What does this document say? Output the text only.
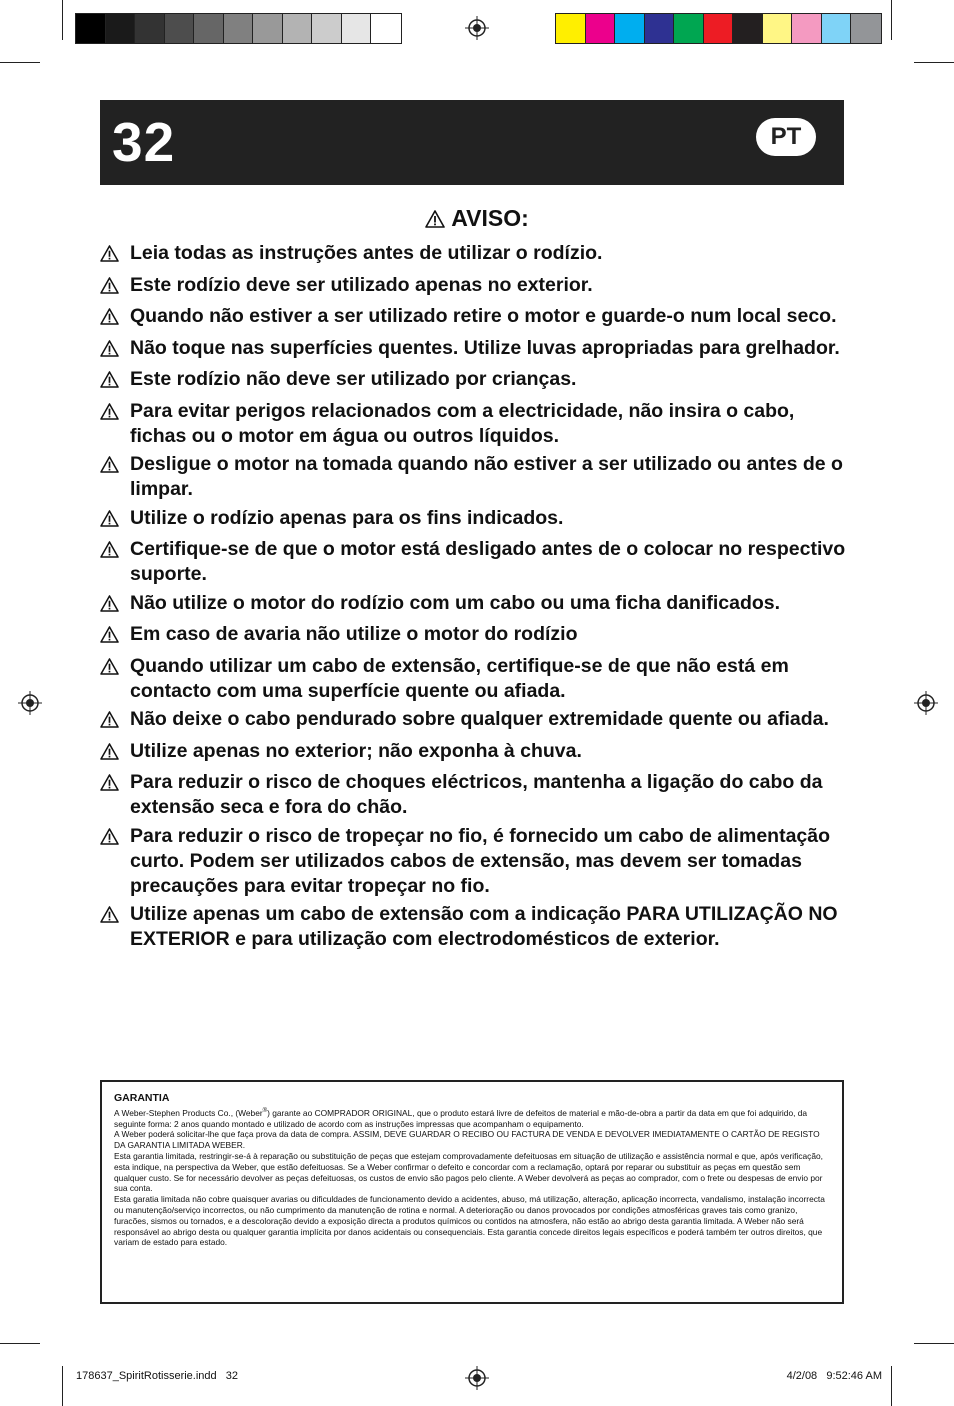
32	PT
AVISO:
Leia todas as instruções antes de utilizar o rodízio.
Este rodízio deve ser utilizado apenas no exterior.
Quando não estiver a ser utilizado retire o motor e guarde-o num local seco.
Não toque nas superfícies quentes. Utilize luvas apropriadas para grelhador.
Este rodízio não deve ser utilizado por crianças.
Para evitar perigos relacionados com a electricidade, não insira o cabo, fichas ou o motor em água ou outros líquidos.
Desligue o motor na tomada quando não estiver a ser utilizado ou antes de o limpar.
Utilize o rodízio apenas para os fins indicados.
Certifique-se de que o motor está desligado antes de o colocar no respectivo suporte.
Não utilize o motor do rodízio com um cabo ou uma ficha danificados.
Em caso de avaria não utilize o motor do rodízio
Quando utilizar um cabo de extensão, certifique-se de que não está em contacto com uma superfície quente ou afiada.
Não deixe o cabo pendurado sobre qualquer extremidade quente ou afiada.
Utilize apenas no exterior; não exponha à chuva.
Para reduzir o risco de choques eléctricos, mantenha a ligação do cabo da extensão seca e fora do chão.
Para reduzir o risco de tropeçar no fio, é fornecido um cabo de alimentação curto. Podem ser utilizados cabos de extensão, mas devem ser tomadas precauções para evitar tropeçar no fio.
Utilize apenas um cabo de extensão com a indicação PARA UTILIZAÇÃO NO EXTERIOR e para utilização com electrodomésticos de exterior.
GARANTIA

A Weber-Stephen Products Co., (Weber®) garante ao COMPRADOR ORIGINAL, que o produto estará livre de defeitos de material e mão-de-obra a partir da data em que foi adquirido, da seguinte forma: 2 anos quando montado e utilizado de acordo com as instruções impressas que acompanham o equipamento.

A Weber poderá solicitar-lhe que faça prova da data de compra. ASSIM, DEVE GUARDAR O RECIBO OU FACTURA DE VENDA E DEVOLVER IMEDIATAMENTE O CARTÃO DE REGISTO DA GARANTIA LIMITADA WEBER.

Esta garantia limitada, restringir-se-á à reparação ou substituição de peças que estejam comprovadamente defeituosas em situação de utilização e assistência normal e que, após verificação, esta indique, na perspectiva da Weber, que estão defeituosas. Se a Weber confirmar o defeito e concordar com a reclamação, optará por reparar ou substituir as peças em questão sem qualquer custo. Se for necessário devolver as peças defeituosas, os custos de envio são pagos pelo cliente. A Weber devolverá as peças ao comprador, com o frete ou despesas de envio por sua conta.

Esta garatia limitada não cobre quaisquer avarias ou dificuldades de funcionamento devido a acidentes, abuso, má utilização, alteração, aplicação incorrecta, vandalismo, instalação incorrecta ou manutenção/serviço incorrectos, ou não cumprimento da manutenção de rotina e normal. A deterioração ou danos provocados por condições atmosféricas graves tais como granizo, furacões, sismos ou tornados, e a descoloração devido a exposição directa a produtos químicos ou contidos na atmosfera, não estão ao abrigo desta garantia limitada. A Weber não será responsável ao abrigo desta ou qualquer garantia implícita por danos acidentais ou consequenciais. Esta garantia concede direitos legais específicos e poderá também ter outros direitos, que variam de estado para estado.

178637_SpiritRotisserie.indd   32	4/2/08   9:52:46 AM
